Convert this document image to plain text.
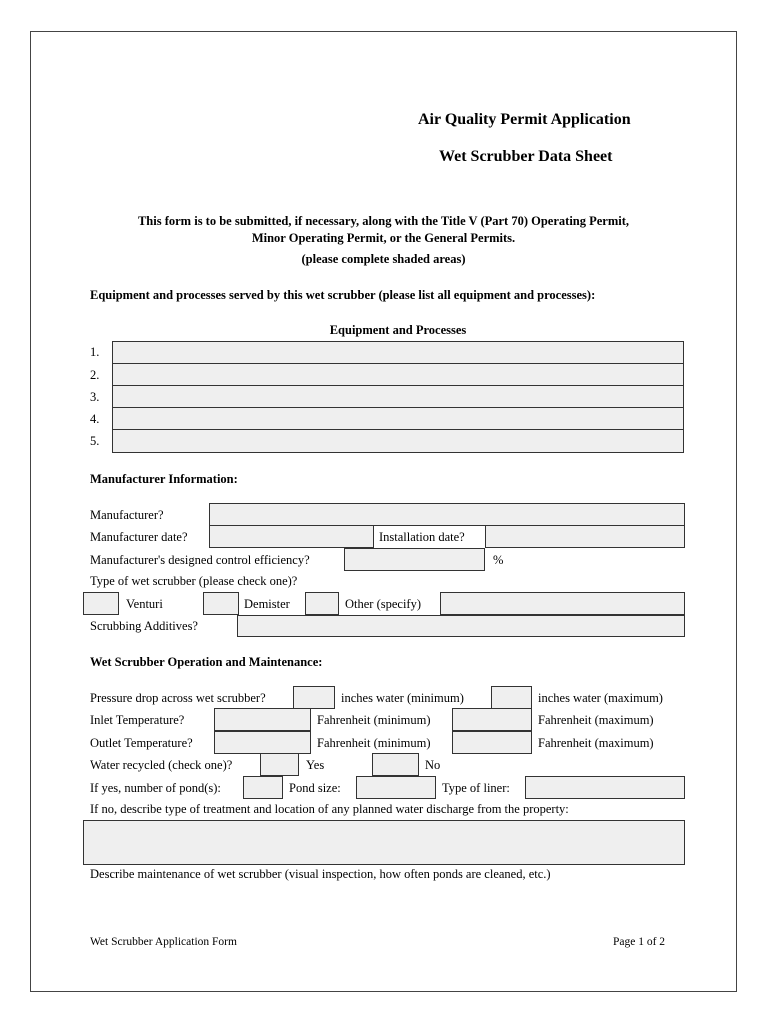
Air Quality Permit Application
Wet Scrubber Data Sheet
This form is to be submitted, if necessary, along with the Title V (Part 70) Operating Permit,
Minor Operating Permit, or the General Permits.
(please complete shaded areas)
Equipment and processes served by this wet scrubber (please list all equipment and processes):
Equipment and Processes
1.
2.
3.
4.
5.
Manufacturer Information:
Manufacturer?
Manufacturer date?	Installation date?
Manufacturer's designed control efficiency?	%
Type of wet scrubber (please check one)?
Venturi	Demister	Other (specify)
Scrubbing Additives?
Wet Scrubber Operation and Maintenance:
Pressure drop across wet scrubber?	inches water (minimum)	inches water (maximum)
Inlet Temperature?	Fahrenheit (minimum)	Fahrenheit (maximum)
Outlet Temperature?	Fahrenheit (minimum)	Fahrenheit (maximum)
Water recycled (check one)?	Yes	No
If yes, number of pond(s):	Pond size:	Type of liner:
If no, describe type of treatment and location of any planned water discharge from the property:
Describe maintenance of wet scrubber (visual inspection, how often ponds are cleaned, etc.)
Wet Scrubber Application Form	Page 1 of 2
